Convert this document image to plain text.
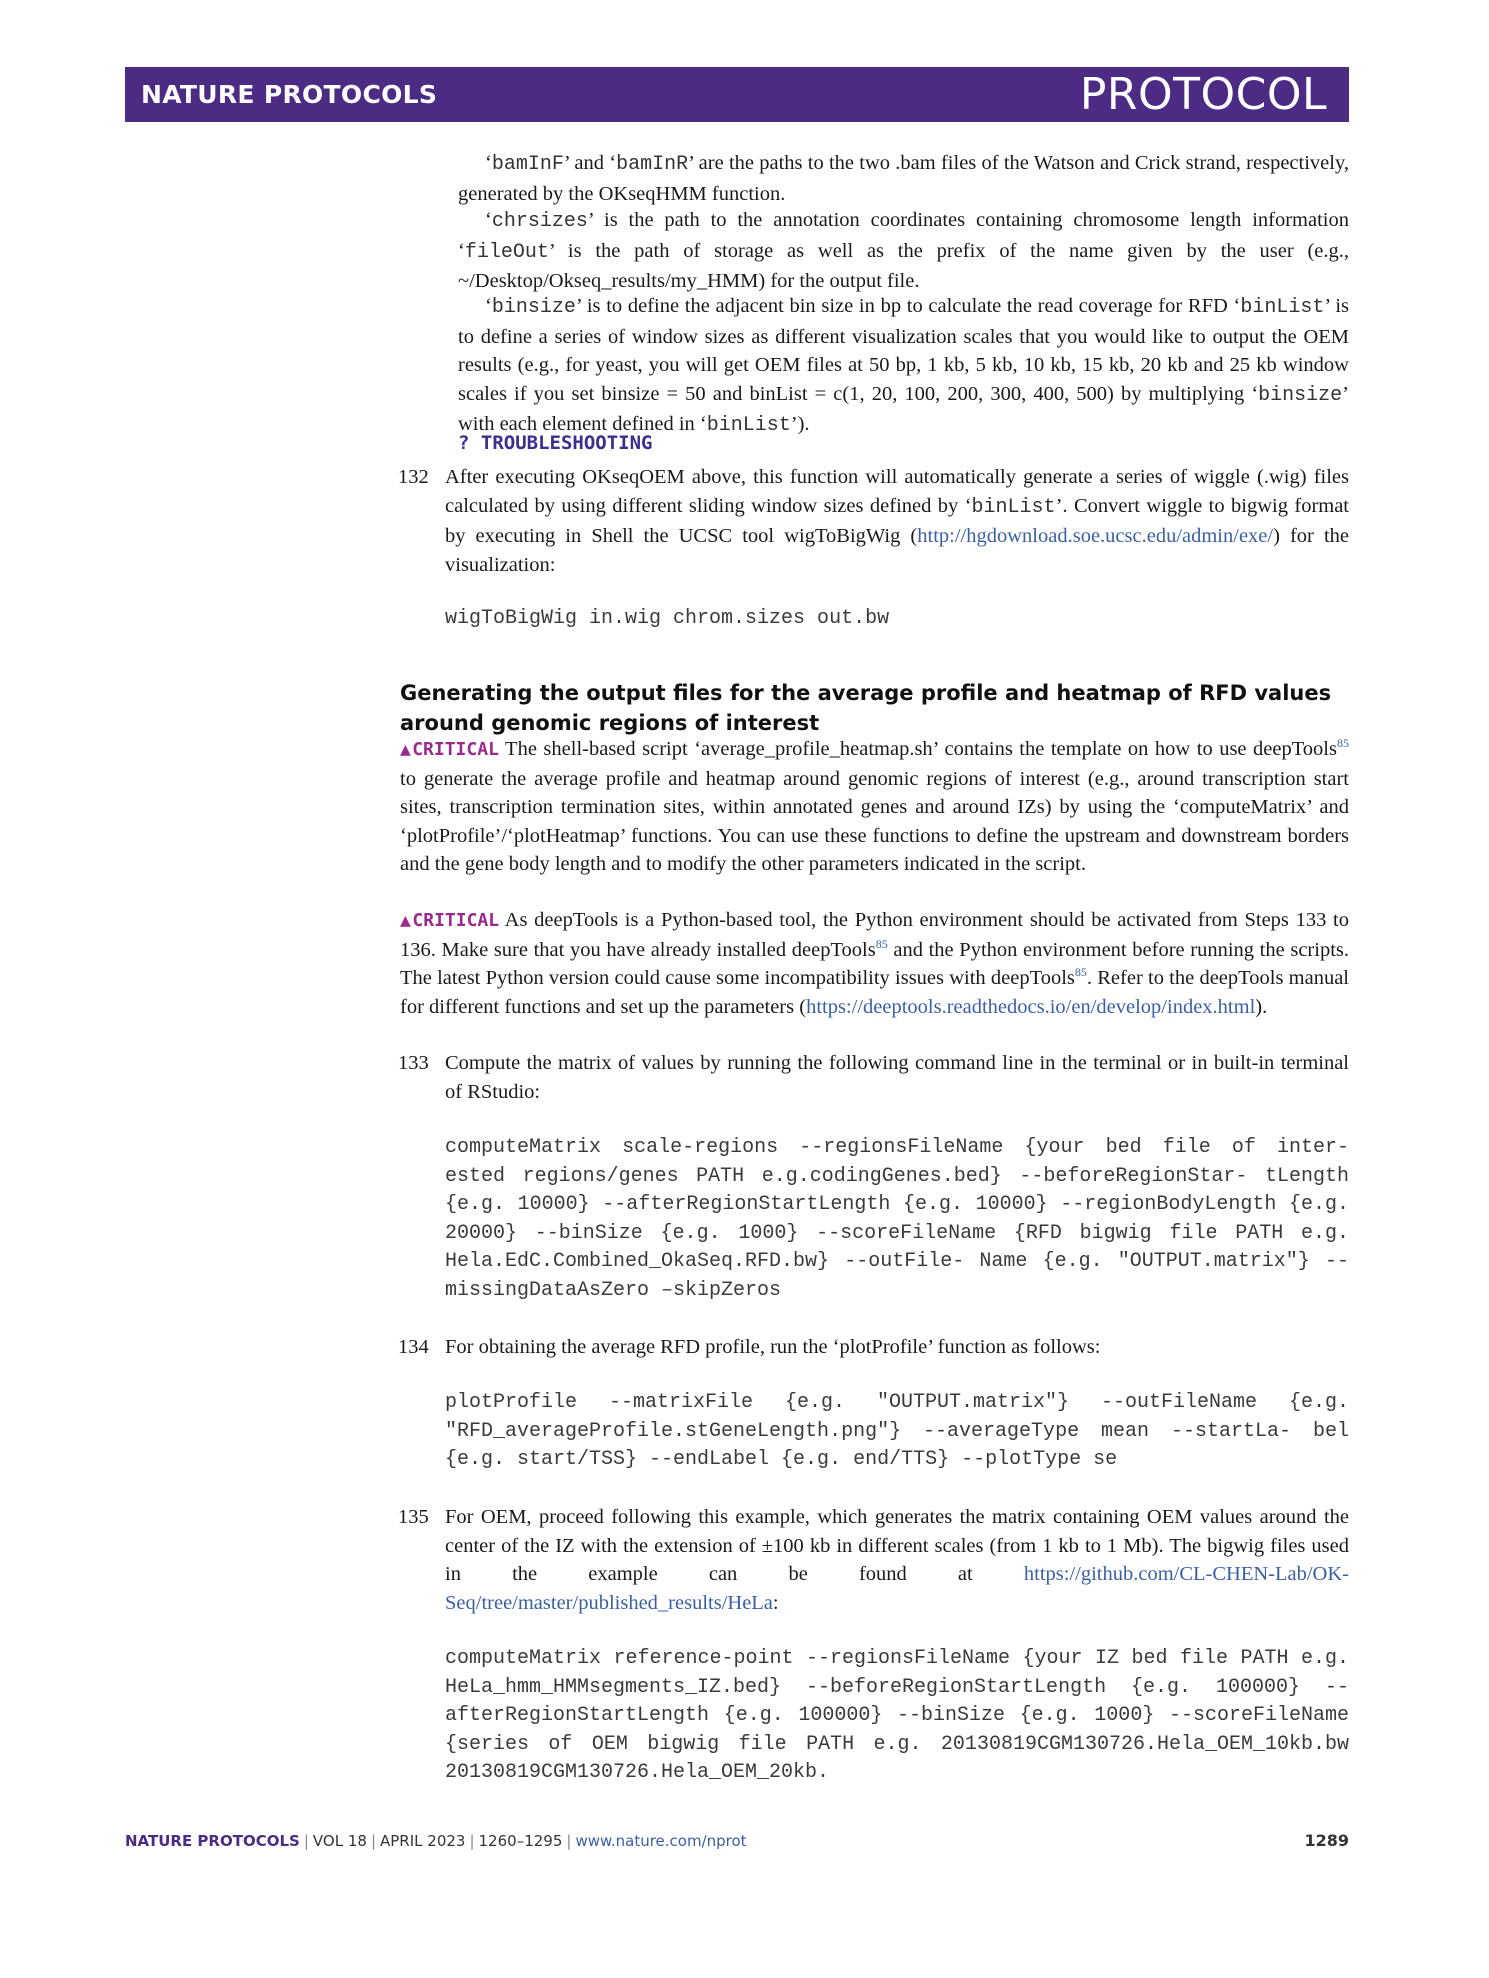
NATURE PROTOCOLS	PROTOCOL

‘bamInF’ and ‘bamInR’ are the paths to the two .bam files of the Watson and Crick strand, respectively, generated by the OKseqHMM function.

‘chrsizes’ is the path to the annotation coordinates containing chromosome length information ‘fileOut’ is the path of storage as well as the prefix of the name given by the user (e.g., ~/Desktop/Okseq_results/my_HMM) for the output file.

‘binsize’ is to define the adjacent bin size in bp to calculate the read coverage for RFD ‘binList’ is to define a series of window sizes as different visualization scales that you would like to output the OEM results (e.g., for yeast, you will get OEM files at 50 bp, 1 kb, 5 kb, 10 kb, 15 kb, 20 kb and 25 kb window scales if you set binsize = 50 and binList = c(1, 20, 100, 200, 300, 400, 500) by multiplying ‘binsize’ with each element defined in ‘binList’).

? TROUBLESHOOTING
132 After executing OKseqOEM above, this function will automatically generate a series of wiggle (.wig) files calculated by using different sliding window sizes defined by ‘binList’. Convert wiggle to bigwig format by executing in Shell the UCSC tool wigToBigWig (http://hgdownload.soe.ucsc.edu/admin/exe/) for the visualization:

wigToBigWig in.wig chrom.sizes out.bw
Generating the output files for the average profile and heatmap of RFD values around genomic regions of interest

▲CRITICAL The shell-based script ‘average_profile_heatmap.sh’ contains the template on how to use deepTools$^{85}$ to generate the average profile and heatmap around genomic regions of interest (e.g., around transcription start sites, transcription termination sites, within annotated genes and around IZs) by using the ‘computeMatrix’ and ‘plotProfile’/‘plotHeatmap’ functions. You can use these functions to define the upstream and downstream borders and the gene body length and to modify the other parameters indicated in the script.

▲CRITICAL As deepTools is a Python-based tool, the Python environment should be activated from Steps 133 to 136. Make sure that you have already installed deepTools$^{85}$ and the Python environment before running the scripts. The latest Python version could cause some incompatibility issues with deepTools$^{85}$. Refer to the deepTools manual for different functions and set up the parameters (https://deeptools.readthedocs.io/en/develop/index.html).

133 Compute the matrix of values by running the following command line in the terminal or in built-in terminal of RStudio:

computeMatrix scale-regions --regionsFileName {your bed file of inter- ested regions/genes PATH e.g.codingGenes.bed} --beforeRegionStar- tLength {e.g. 10000} --afterRegionStartLength {e.g. 10000} --regionBodyLength {e.g. 20000} --binSize {e.g. 1000} --scoreFileName {RFD bigwig file PATH e.g. Hela.EdC.Combined_OkaSeq.RFD.bw} --outFile- Name {e.g. "OUTPUT.matrix"} --missingDataAsZero –skipZeros
134 For obtaining the average RFD profile, run the ‘plotProfile’ function as follows:

plotProfile --matrixFile {e.g. "OUTPUT.matrix"} --outFileName {e.g. "RFD_averageProfile.stGeneLength.png"} --averageType mean --startLa- bel {e.g. start/TSS} --endLabel {e.g. end/TTS} --plotType se
135 For OEM, proceed following this example, which generates the matrix containing OEM values around the center of the IZ with the extension of ±100 kb in different scales (from 1 kb to 1 Mb). The bigwig files used in the example can be found at https://github.com/CL-CHEN-Lab/OK-Seq/tree/master/published_results/HeLa:

computeMatrix reference-point --regionsFileName {your IZ bed file PATH e.g. HeLa_hmm_HMMsegments_IZ.bed} --beforeRegionStartLength {e.g. 100000} --afterRegionStartLength {e.g. 100000} --binSize {e.g. 1000} --scoreFileName {series of OEM bigwig file PATH e.g. 20130819CGM130726.Hela_OEM_10kb.bw 20130819CGM130726.Hela_OEM_20kb.
NATURE PROTOCOLS | VOL 18 | APRIL 2023 | 1260–1295 | www.nature.com/nprot	1289
